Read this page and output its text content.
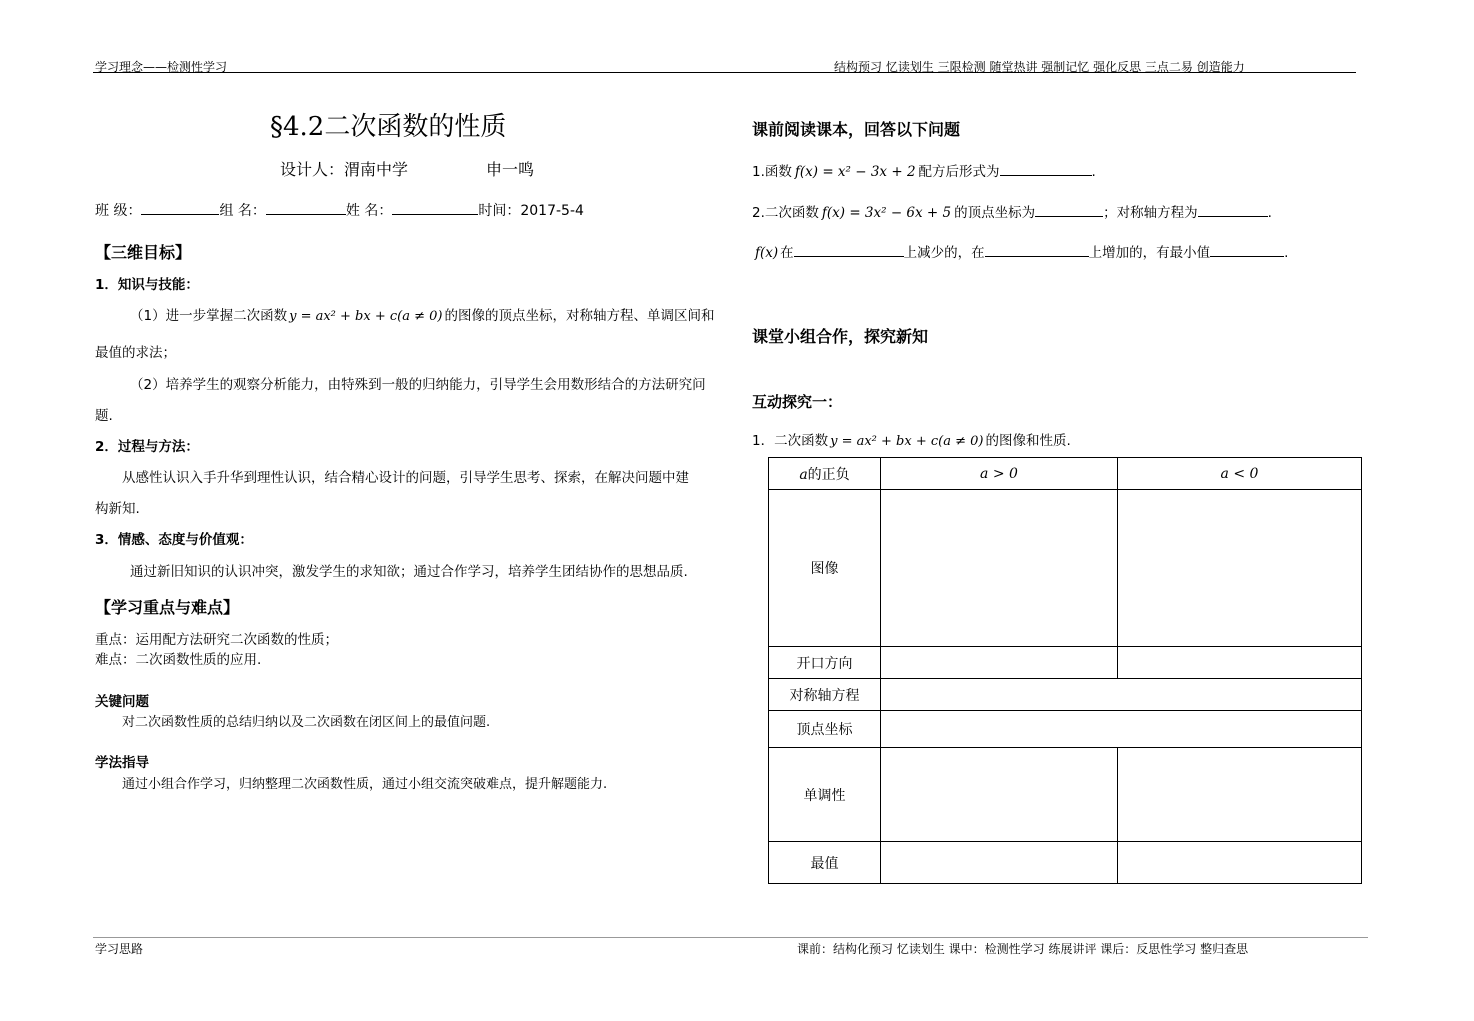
学习理念——检测性学习	结构预习 忆读划生 三限检测 随堂热讲 强制记忆 强化反思 三点二易 创造能力
§4.2二次函数的性质
设计人：渭南中学	申一鸣
班 级：	组 名：	姓 名：	时间：2017-5-4
【三维目标】
1．知识与技能：
（1）进一步掌握二次函数 y = ax² + bx + c(a ≠ 0) 的图像的顶点坐标，对称轴方程、单调区间和
最值的求法；
（2）培养学生的观察分析能力，由特殊到一般的归纳能力，引导学生会用数形结合的方法研究问
题.
2．过程与方法：
从感性认识入手升华到理性认识，结合精心设计的问题，引导学生思考、探索，在解决问题中建
构新知.
3．情感、态度与价值观：
通过新旧知识的认识冲突，激发学生的求知欲；通过合作学习，培养学生团结协作的思想品质.
【学习重点与难点】
重点：运用配方法研究二次函数的性质；
难点：二次函数性质的应用.
关键问题
对二次函数性质的总结归纳以及二次函数在闭区间上的最值问题.
学法指导
通过小组合作学习，归纳整理二次函数性质，通过小组交流突破难点，提升解题能力.
课前阅读课本，回答以下问题
1.函数 f(x) = x² − 3x + 2 配方后形式为	.
2.二次函数 f(x) = 3x² − 6x + 5 的顶点坐标为	；对称轴方程为	.
f(x) 在	上减少的，在	上增加的，有最小值	.
课堂小组合作，探究新知
互动探究一：
1．二次函数 y = ax² + bx + c(a ≠ 0) 的图像和性质.
a的正负	a > 0	a < 0
图像		
开口方向		
对称轴方程		
顶点坐标		
单调性		
最值		
学习思路	课前：结构化预习 忆读划生 课中：检测性学习 练展讲评 课后：反思性学习 整归查思
